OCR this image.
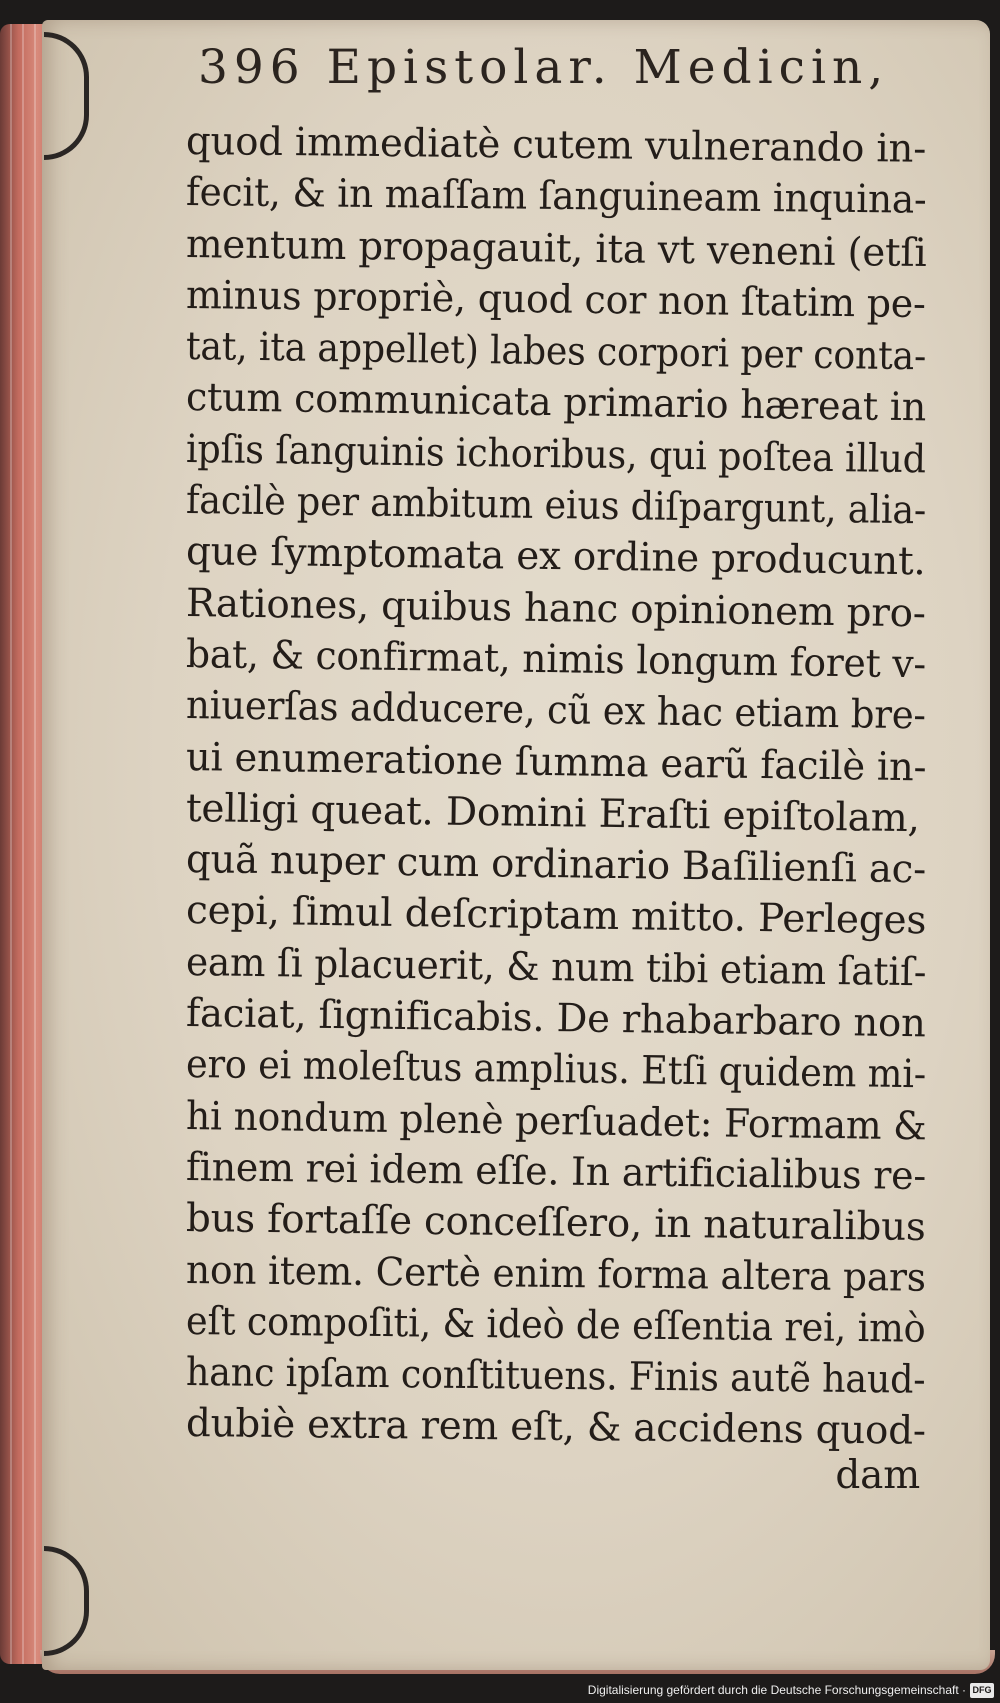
396 Epistolar. Medicin,
quod immediatè cutem vulnerando in-
fecit, & in maſſam ſanguineam inquina-
mentum propagauit, ita vt veneni (etſi
minus propriè, quod cor non ſtatim pe-
tat, ita appellet) labes corpori per conta-
ctum communicata primario hæreat in
ipſis ſanguinis ichoribus, qui poſtea illud
facilè per ambitum eius diſpargunt, alia-
que ſymptomata ex ordine producunt.
Rationes, quibus hanc opinionem pro-
bat, & confirmat, nimis longum foret v-
niuerſas adducere, cũ ex hac etiam bre-
ui enumeratione ſumma earũ facilè in-
telligi queat. Domini Eraſti epiſtolam,
quã nuper cum ordinario Baſilienſi ac-
cepi, ſimul deſcriptam mitto. Perleges
eam ſi placuerit, & num tibi etiam ſatiſ-
faciat, ſignificabis. De rhabarbaro non
ero ei moleſtus amplius. Etſi quidem mi-
hi nondum plenè perſuadet: Formam &
finem rei idem eſſe. In artificialibus re-
bus fortaſſe conceſſero, in naturalibus
non item. Certè enim forma altera pars
eſt compoſiti, & ideò de eſſentia rei, imò
hanc ipſam conſtituens. Finis autẽ haud-
dubiè extra rem eſt, & accidens quod-
dam
Digitalisierung gefördert durch die Deutsche Forschungsgemeinschaft · DFG
